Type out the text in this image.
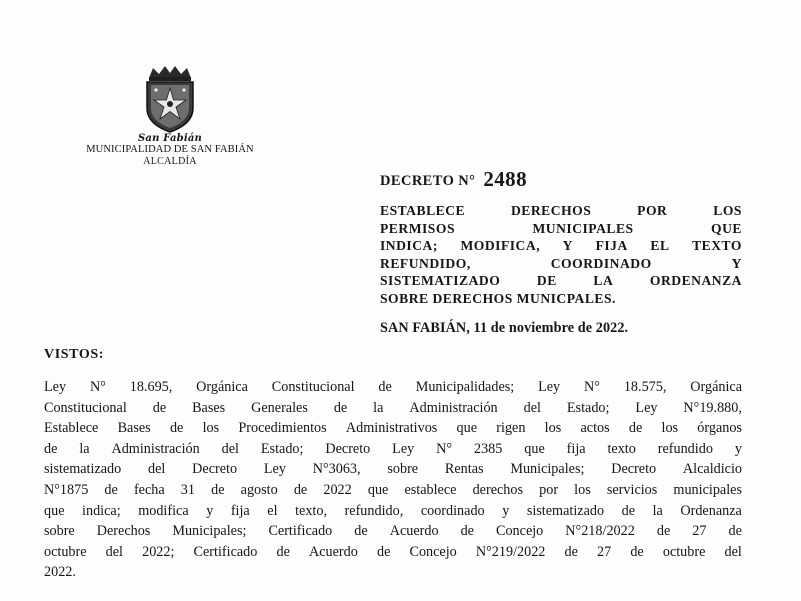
San Fabián
MUNICIPALIDAD DE SAN FABIÁN
ALCALDÍA
DECRETO N° 2488
ESTABLECE	DERECHOS	POR	LOS
PERMISOS	MUNICIPALES	QUE
INDICA; MODIFICA, Y FIJA EL TEXTO
REFUNDIDO,	COORDINADO	Y
SISTEMATIZADO	DE	LA	ORDENANZA
SOBRE DERECHOS MUNICPALES.
SAN FABIÁN, 11 de noviembre de 2022.
VISTOS:
Ley N° 18.695, Orgánica Constitucional de Municipalidades; Ley N° 18.575, Orgánica
Constitucional de Bases Generales de la Administración del Estado; Ley N°19.880,
Establece Bases de los Procedimientos Administrativos que rigen los actos de los órganos
de la Administración del Estado; Decreto Ley N° 2385 que fija texto refundido y
sistematizado del Decreto Ley N°3063, sobre Rentas Municipales; Decreto Alcaldicio
N°1875 de fecha 31 de agosto de 2022 que establece derechos por los servicios municipales
que indica; modifica y fija el texto, refundido, coordinado y sistematizado de la Ordenanza
sobre Derechos Municipales; Certificado de Acuerdo de Concejo N°218/2022 de 27 de
octubre del 2022; Certificado de Acuerdo de Concejo N°219/2022 de 27 de octubre del
2022.
